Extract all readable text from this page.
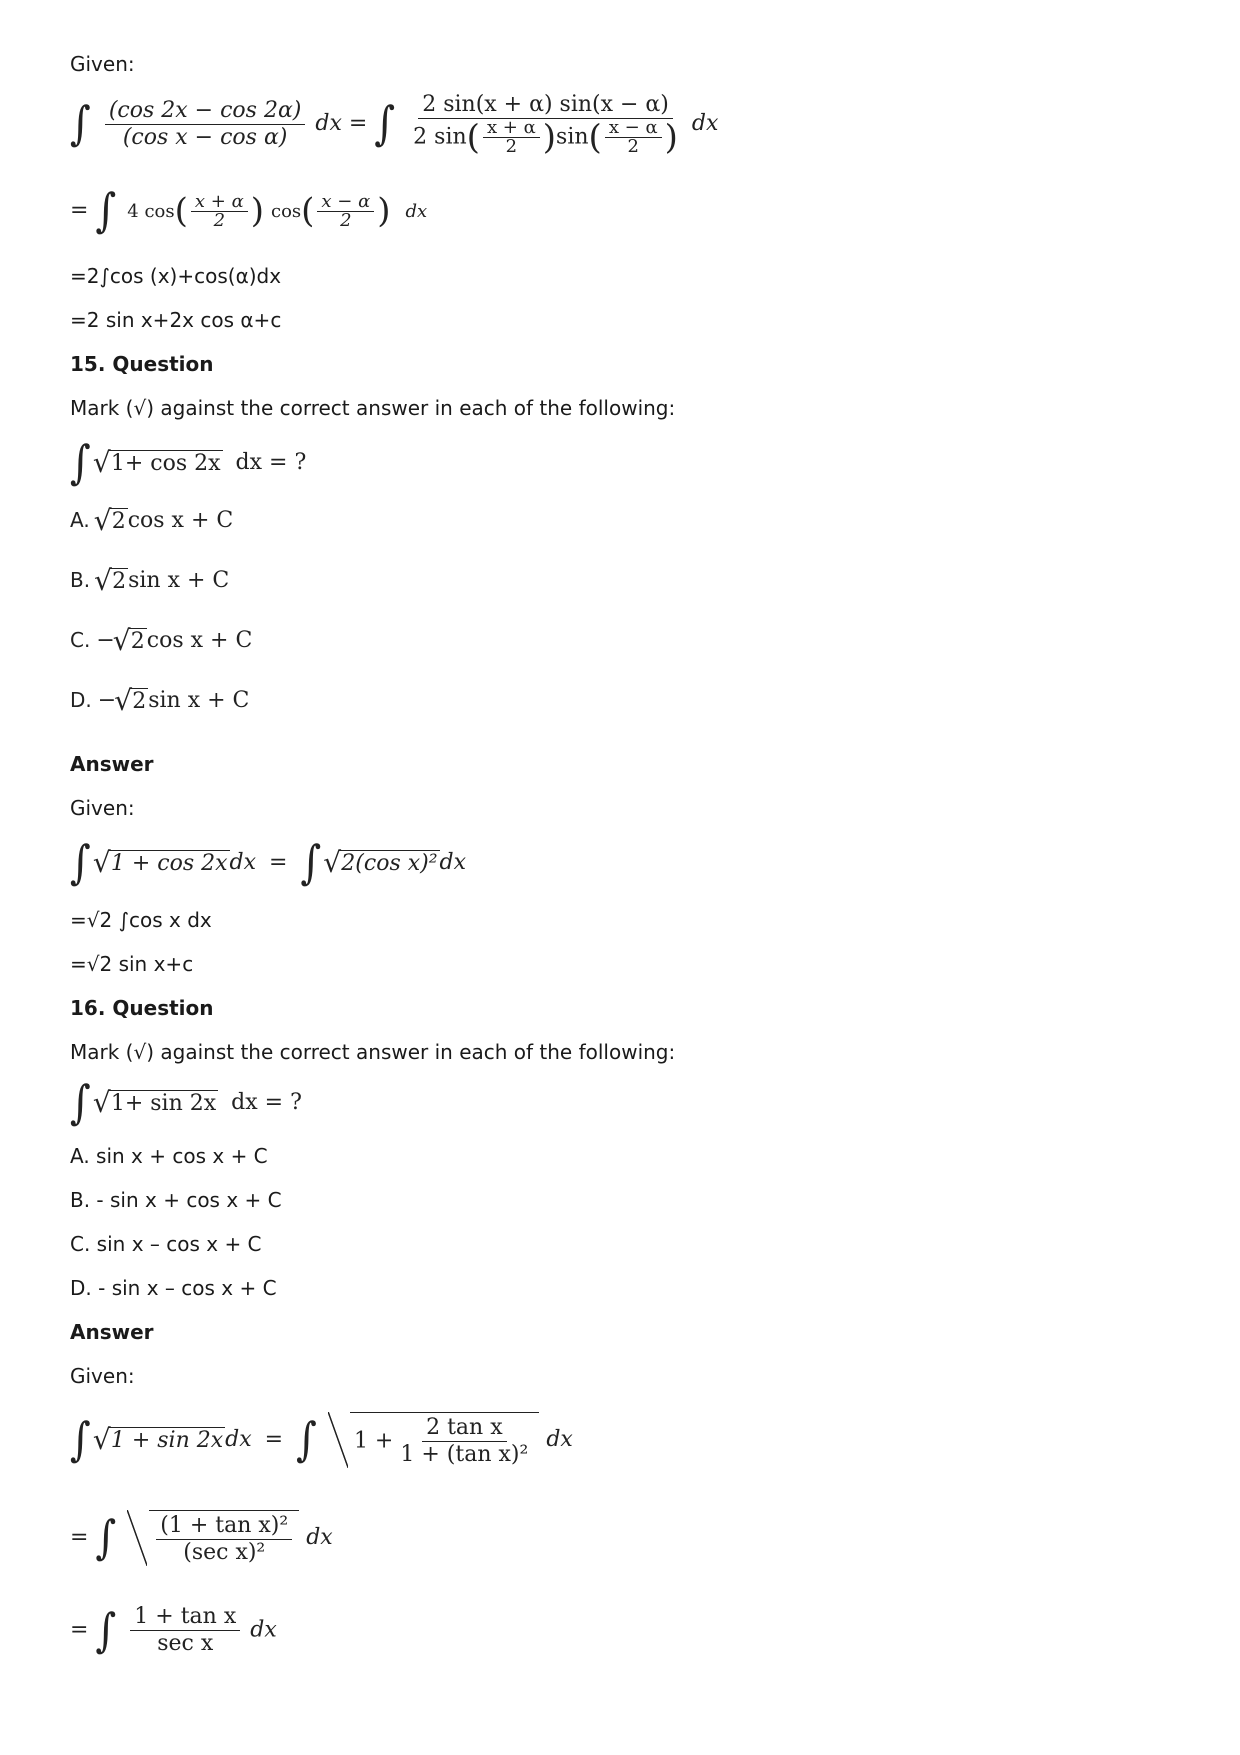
Given:
∫ $\frac{(\cos 2x - \cos 2\alpha)}{\text{(cos x − cos α)}}$ dx = ∫ $\frac{2 \sin(x + \alpha) \sin(x - \alpha)}{2 \sin( \frac{x + \alpha}{2} )\sin( \frac{x - \alpha}{2} )}$ dx
= ∫ 4 $\cos( \frac{x + \alpha}{2}$ ) $\cos( \frac{x - \alpha}{2}$ ) dx
=2∫cos (x)+cos(α)dx
=2 sin x+2x cos α+c
15. Question
Mark (√) against the correct answer in each of the following:
∫ √ 1+ cos 2x dx = ?
A. √ 2cos x + C
B. √ 2sin x + C
C. − √ 2cos x + C
D. − √ 2sin x + C
Answer
Given:
∫ √ 1 + cos 2xdx = ∫ √ 2(cos x)²dx
=√2 ∫cos x dx
=√2 sin x+c
16. Question
Mark (√) against the correct answer in each of the following:
∫ √ 1+ sin 2x dx = ?
A. sin x + cos x + C
B. - sin x + cos x + C
C. sin x – cos x + C
D. - sin x – cos x + C
Answer
Given:
∫ √ 1 + sin 2xdx = ∫ $1 + \frac{\text{2 tan x}}{\text{1 + (tan x)²}}$ dx
= ∫ $\frac{\text{(1 + tan x)²}}{\text{(sec x)²}}$ dx
= ∫ $\frac{\text{1 + tan x}}{\text{sec x}}$ dx
